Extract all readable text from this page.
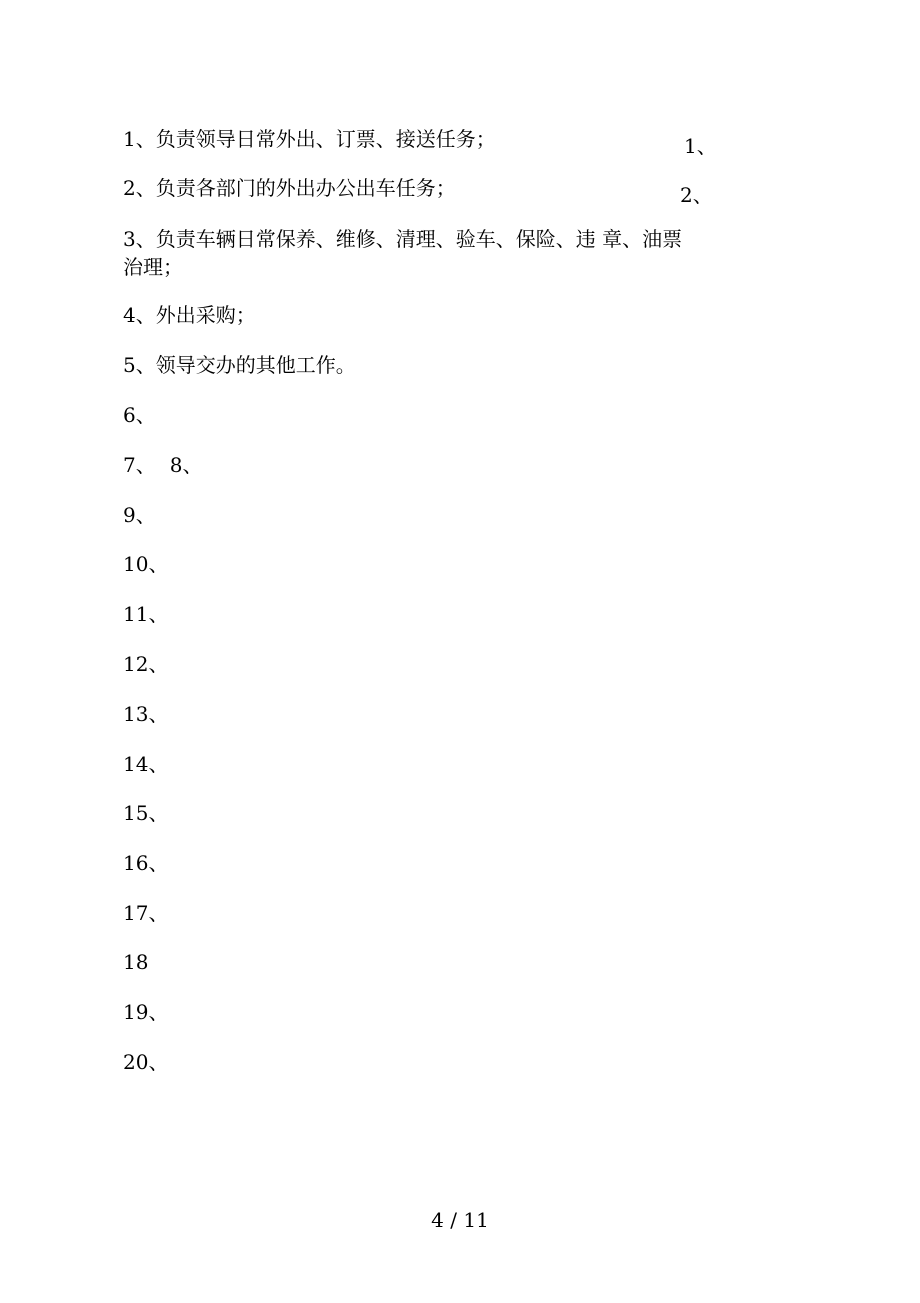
1、负责领导日常外出、订票、接送任务；	1、
2、负责各部门的外出办公出车任务；	2、
3、负责车辆日常保养、维修、清理、验车、保险、违 章、油票治理；
4、外出采购；
5、领导交办的其他工作。
6、
7、 8、
9、
10、
11、
12、
13、
14、
15、
16、
17、
18
19、
20、
4 / 11
